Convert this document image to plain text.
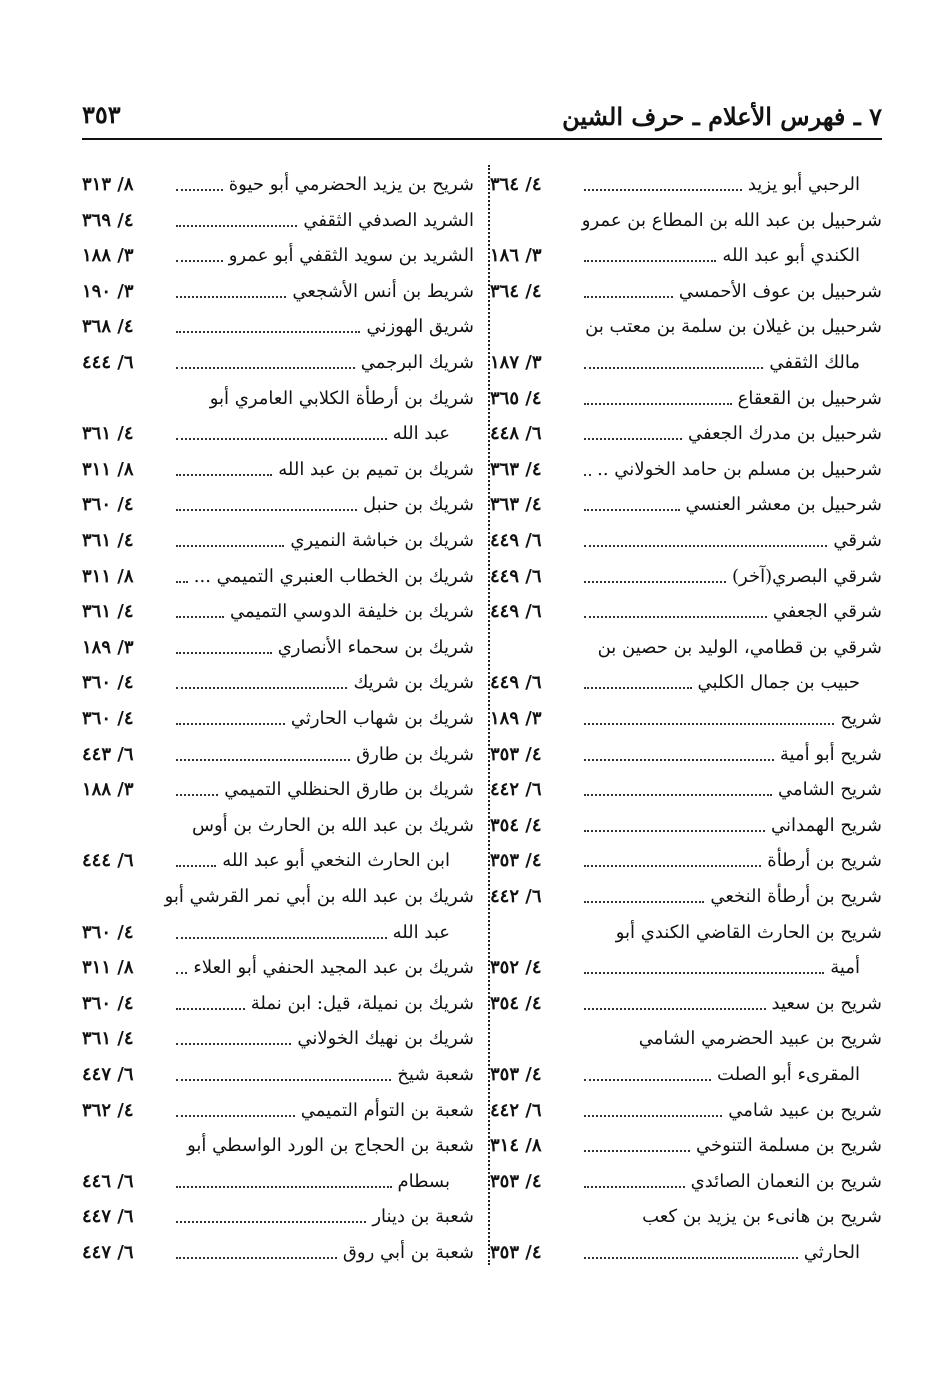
٧ ـ فهرس الأعلام ـ حرف الشين
٣٥٣
الرحبي أبو يزيد
٤/ ٣٦٤
شرحبيل بن عبد الله بن المطاع بن عمرو
الكندي أبو عبد الله
٣/ ١٨٦
شرحبيل بن عوف الأحمسي
٤/ ٣٦٤
شرحبيل بن غيلان بن سلمة بن معتب بن
مالك الثقفي
٣/ ١٨٧
شرحبيل بن القعقاع
٤/ ٣٦٥
شرحبيل بن مدرك الجعفي
٦/ ٤٤٨
شرحبيل بن مسلم بن حامد الخولاني ..
٤/ ٣٦٣
شرحبيل بن معشر العنسي
٤/ ٣٦٣
شرقي
٦/ ٤٤٩
شرقي البصري(آخر)
٦/ ٤٤٩
شرقي الجعفي
٦/ ٤٤٩
شرقي بن قطامي، الوليد بن حصين بن
حبيب بن جمال الكلبي
٦/ ٤٤٩
شريح
٣/ ١٨٩
شريح أبو أمية
٤/ ٣٥٣
شريح الشامي
٦/ ٤٤٢
شريح الهمداني
٤/ ٣٥٤
شريح بن أرطأة
٤/ ٣٥٣
شريح بن أرطأة النخعي
٦/ ٤٤٢
شريح بن الحارث القاضي الكندي أبو
أمية
٤/ ٣٥٢
شريح بن سعيد
٤/ ٣٥٤
شريح بن عبيد الحضرمي الشامي
المقرىء أبو الصلت
٤/ ٣٥٣
شريح بن عبيد شامي
٦/ ٤٤٢
شريح بن مسلمة التنوخي
٨/ ٣١٤
شريح بن النعمان الصائدي
٤/ ٣٥٣
شريح بن هانىء بن يزيد بن كعب
الحارثي
٤/ ٣٥٣
شريح بن يزيد الحضرمي أبو حيوة
٨/ ٣١٣
الشريد الصدفي الثقفي
٤/ ٣٦٩
الشريد بن سويد الثقفي أبو عمرو
٣/ ١٨٨
شريط بن أنس الأشجعي
٣/ ١٩٠
شريق الهوزني
٤/ ٣٦٨
شريك البرجمي
٦/ ٤٤٤
شريك بن أرطأة الكلابي العامري أبو
عبد الله
٤/ ٣٦١
شريك بن تميم بن عبد الله
٨/ ٣١١
شريك بن حنبل
٤/ ٣٦٠
شريك بن خباشة النميري
٤/ ٣٦١
شريك بن الخطاب العنبري التميمي ...
٨/ ٣١١
شريك بن خليفة الدوسي التميمي
٤/ ٣٦١
شريك بن سحماء الأنصاري
٣/ ١٨٩
شريك بن شريك
٤/ ٣٦٠
شريك بن شهاب الحارثي
٤/ ٣٦٠
شريك بن طارق
٦/ ٤٤٣
شريك بن طارق الحنظلي التميمي
٣/ ١٨٨
شريك بن عبد الله بن الحارث بن أوس
ابن الحارث النخعي أبو عبد الله
٦/ ٤٤٤
شريك بن عبد الله بن أبي نمر القرشي أبو
عبد الله
٤/ ٣٦٠
شريك بن عبد المجيد الحنفي أبو العلاء
٨/ ٣١١
شريك بن نميلة، قيل: ابن نملة
٤/ ٣٦٠
شريك بن نهيك الخولاني
٤/ ٣٦١
شعبة شيخ
٦/ ٤٤٧
شعبة بن التوأم التميمي
٤/ ٣٦٢
شعبة بن الحجاج بن الورد الواسطي أبو
بسطام
٦/ ٤٤٦
شعبة بن دينار
٦/ ٤٤٧
شعبة بن أبي روق
٦/ ٤٤٧
